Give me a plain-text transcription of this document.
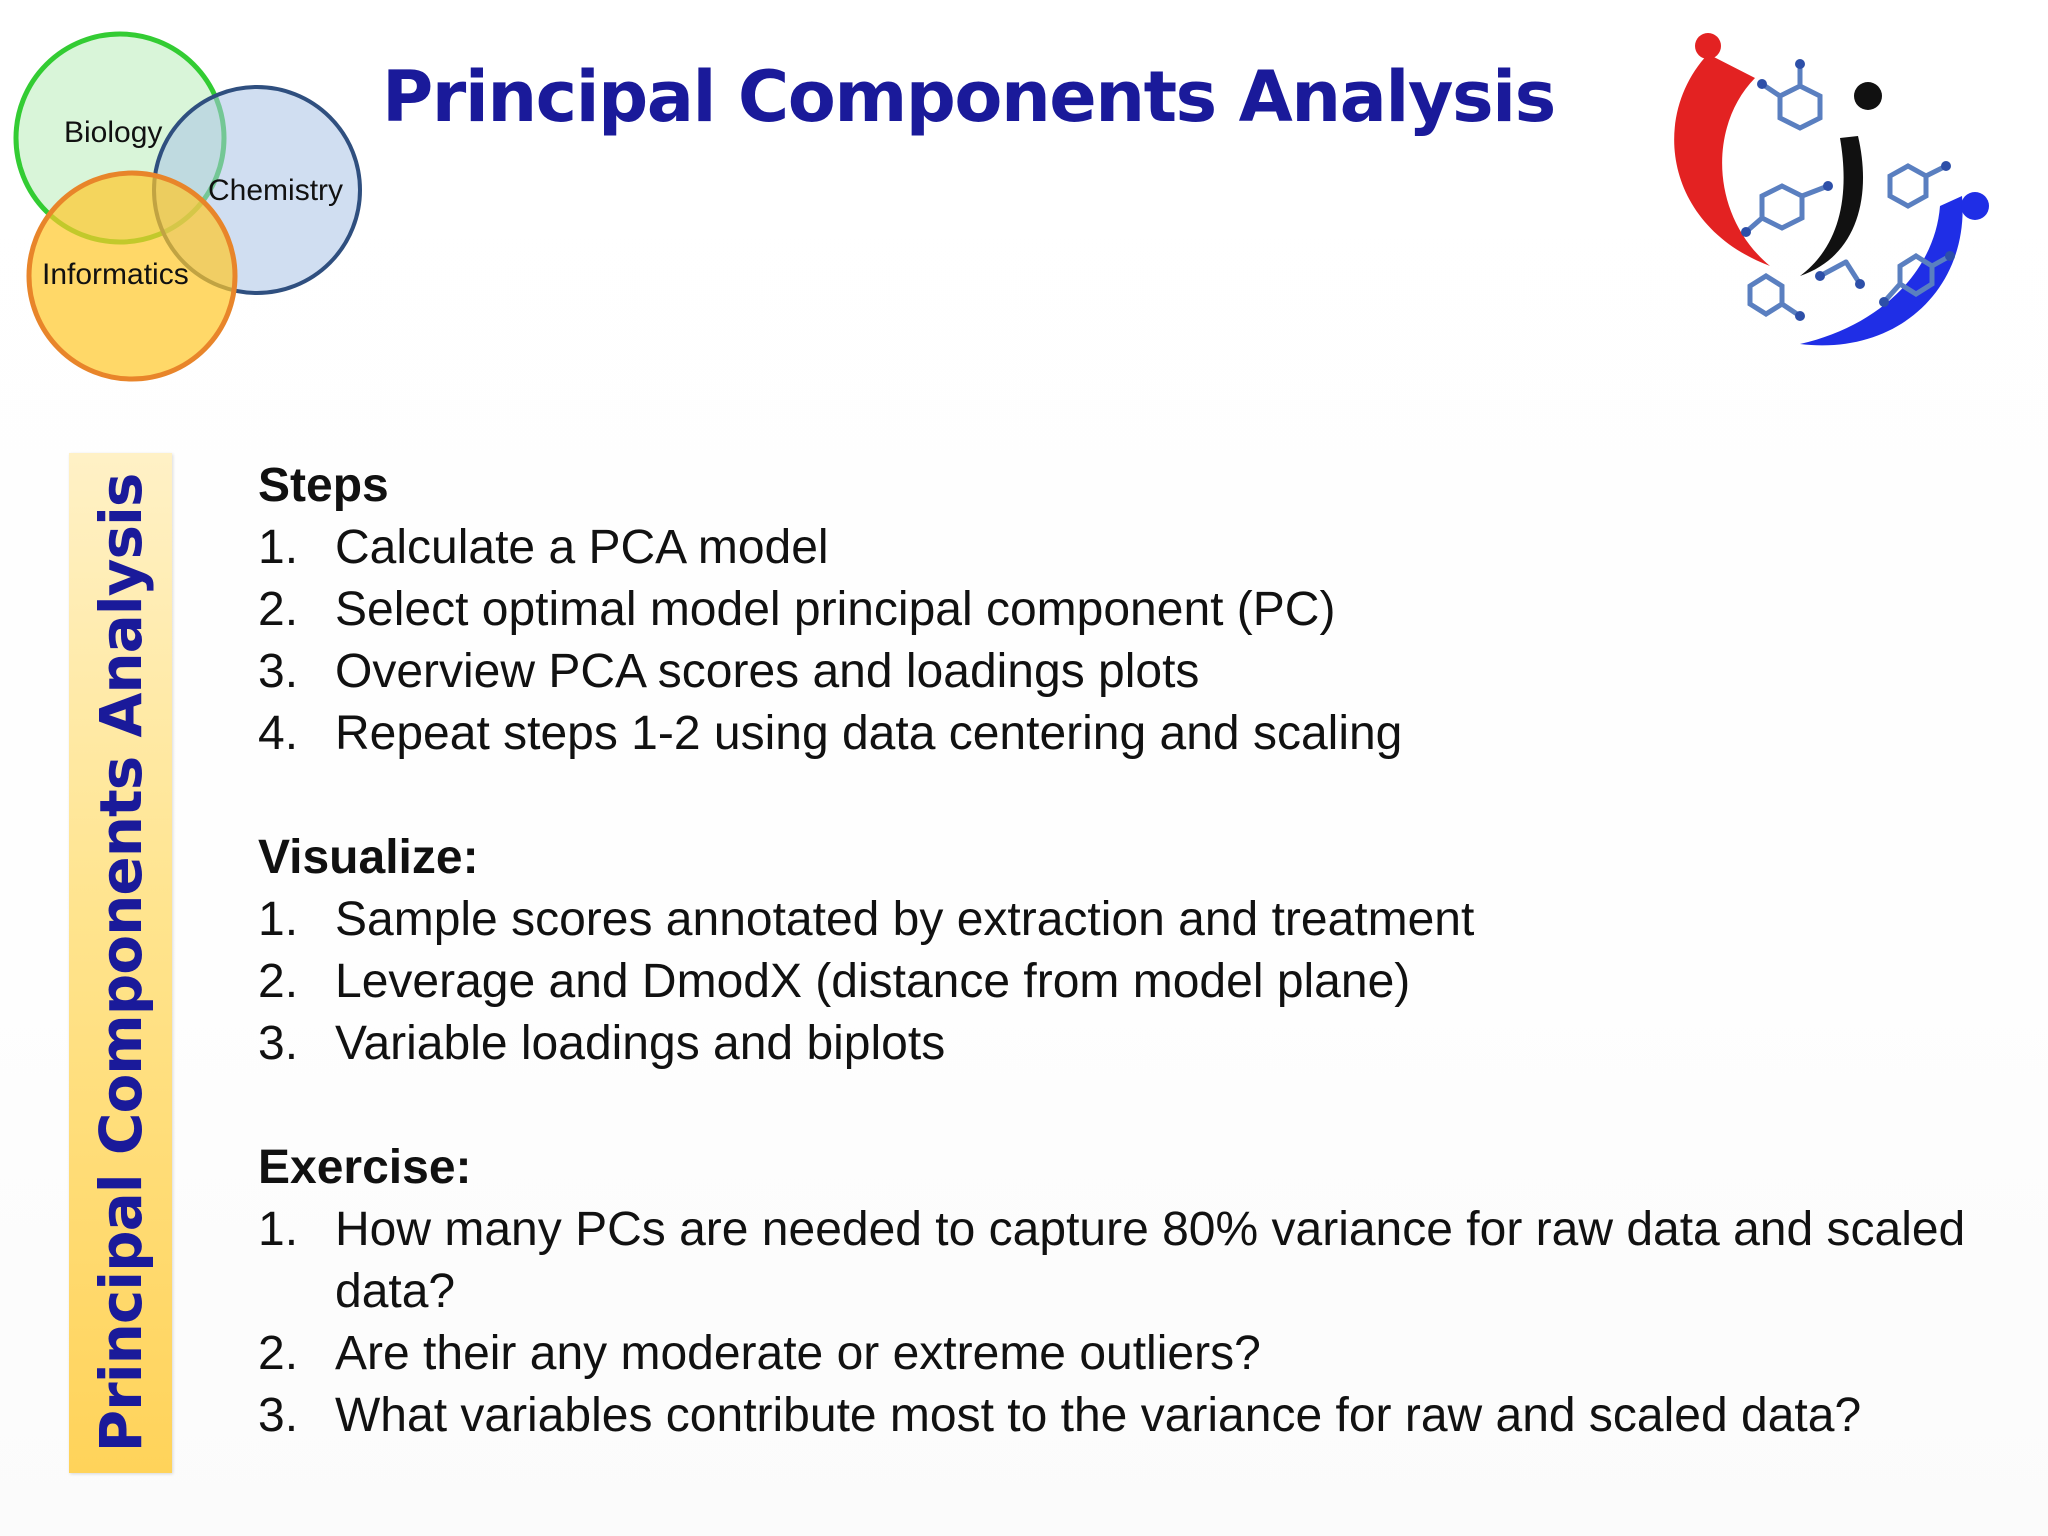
Biology
Chemistry
Informatics
Principal Components Analysis
Principal Components Analysis Steps

1. Calculate a PCA model
2. Select optimal model principal component (PC)
3. Overview PCA scores and loadings plots
4. Repeat steps 1-2 using data centering and scaling

Visualize:

1. Sample scores annotated by extraction and treatment
2. Leverage and DmodX (distance from model plane)
3. Variable loadings and biplots

Exercise:

1. How many PCs are needed to capture 80% variance for raw data and scaled data?
2. Are their any moderate or extreme outliers?
3. What variables contribute most to the variance for raw and scaled data?
